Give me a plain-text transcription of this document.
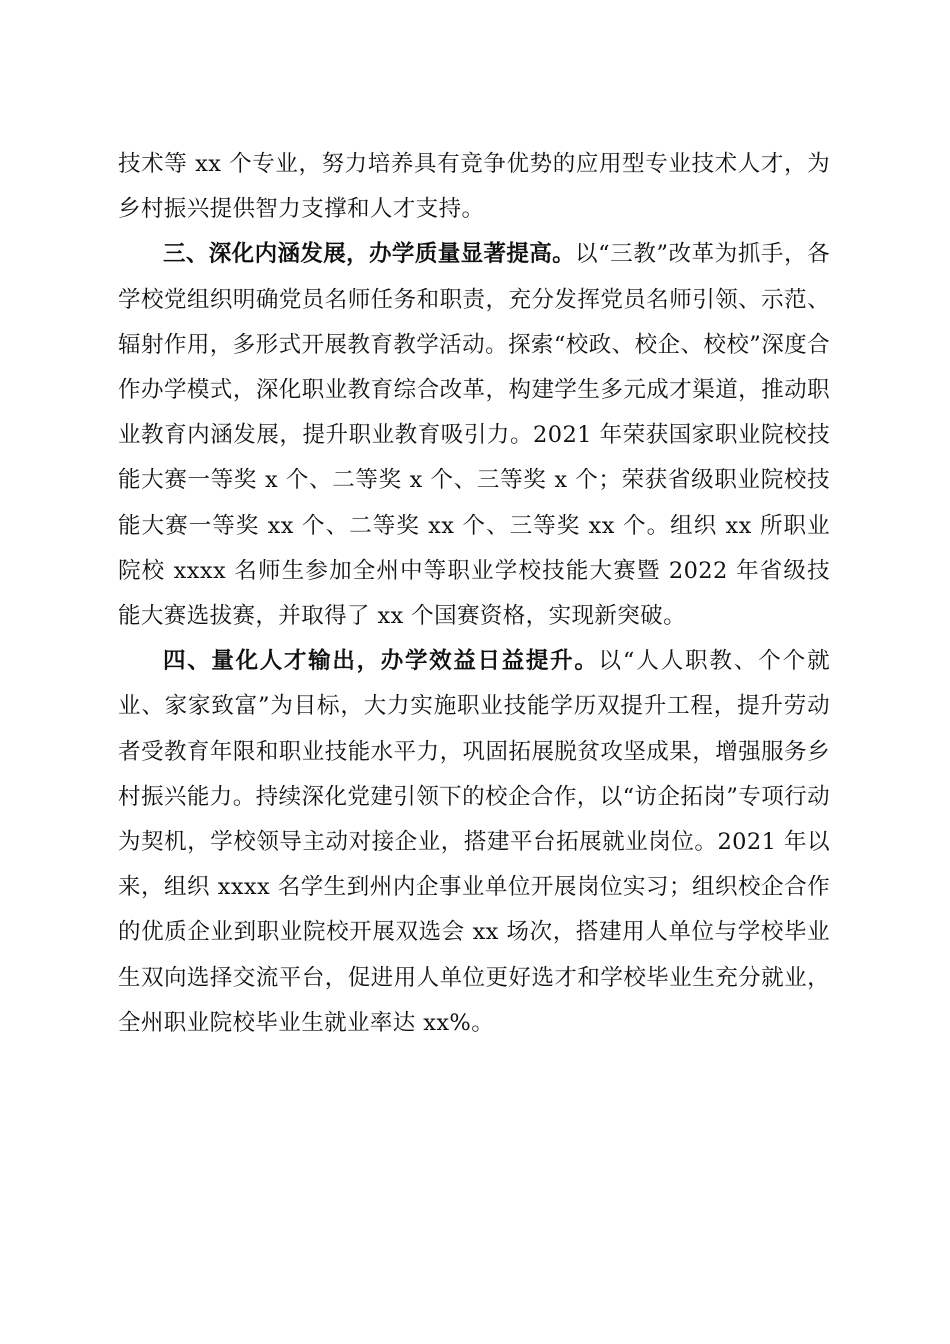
技术等 xx 个专业，努力培养具有竞争优势的应用型专业技术人才，为乡村振兴提供智力支撑和人才支持。

三、深化内涵发展，办学质量显著提高。以“三教”改革为抓手，各学校党组织明确党员名师任务和职责，充分发挥党员名师引领、示范、辐射作用，多形式开展教育教学活动。探索“校政、校企、校校”深度合作办学模式，深化职业教育综合改革，构建学生多元成才渠道，推动职业教育内涵发展，提升职业教育吸引力。2021 年荣获国家职业院校技能大赛一等奖 x 个、二等奖 x 个、三等奖 x 个；荣获省级职业院校技能大赛一等奖 xx 个、二等奖 xx 个、三等奖 xx 个。组织 xx 所职业院校 xxxx 名师生参加全州中等职业学校技能大赛暨 2022 年省级技能大赛选拔赛，并取得了 xx 个国赛资格，实现新突破。

四、量化人才输出，办学效益日益提升。以“人人职教、个个就业、家家致富”为目标，大力实施职业技能学历双提升工程，提升劳动者受教育年限和职业技能水平力，巩固拓展脱贫攻坚成果，增强服务乡村振兴能力。持续深化党建引领下的校企合作，以“访企拓岗”专项行动为契机，学校领导主动对接企业，搭建平台拓展就业岗位。2021 年以来，组织 xxxx 名学生到州内企事业单位开展岗位实习；组织校企合作的优质企业到职业院校开展双选会 xx 场次，搭建用人单位与学校毕业生双向选择交流平台，促进用人单位更好选才和学校毕业生充分就业，全州职业院校毕业生就业率达 xx%。
